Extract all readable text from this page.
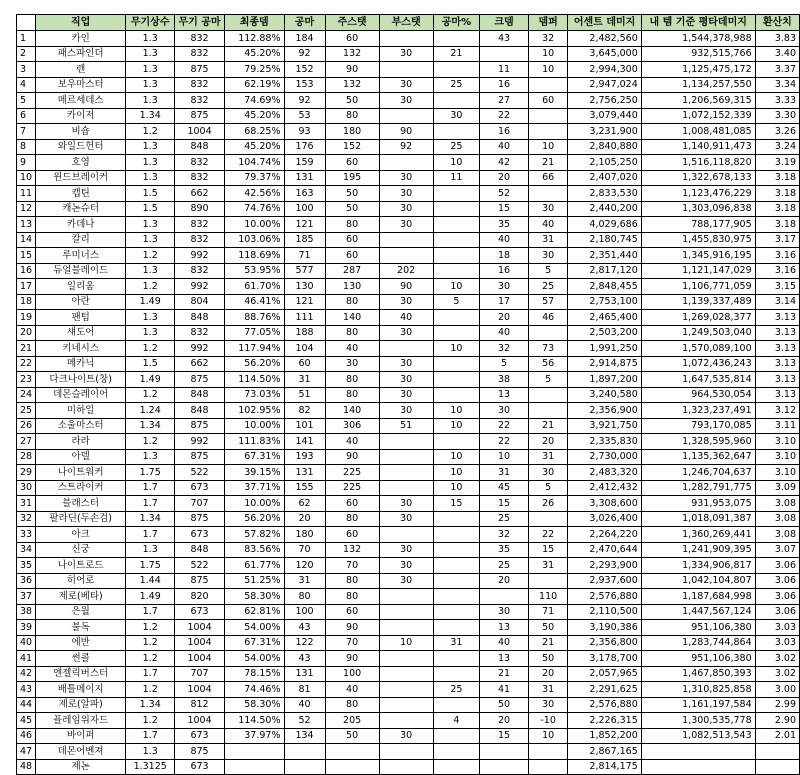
	직업	무기상수	무기 공마	최종뎀	공마	주스탯	부스탯	공마%	크뎀	뎀퍼	어센트 데미지	내 템 기준 평타데미지	환산치
1	카인	1.3	832	112.88%	184	60			43	32	2,482,560	1,544,378,988	3.83
2	패스파인더	1.3	832	45.20%	92	132	30	21		10	3,645,000	932,515,766	3.40
3	렌	1.3	875	79.25%	152	90			11	10	2,994,300	1,125,475,172	3.37
4	보우마스터	1.3	832	62.19%	153	132	30	25	16		2,947,024	1,134,257,550	3.34
5	메르세데스	1.3	832	74.69%	92	50	30		27	60	2,756,250	1,206,569,315	3.33
6	카이저	1.34	875	45.20%	53	80		30	22		3,079,440	1,072,152,339	3.30
7	비숍	1.2	1004	68.25%	93	180	90		16		3,231,900	1,008,481,085	3.26
8	와일드헌터	1.3	848	45.20%	176	152	92	25	40	10	2,840,880	1,140,911,473	3.24
9	호영	1.3	832	104.74%	159	60		10	42	21	2,105,250	1,516,118,820	3.19
10	윈드브레이커	1.3	832	79.37%	131	195	30	11	20	66	2,407,020	1,322,678,133	3.18
11	캡틴	1.5	662	42.56%	163	50	30		52		2,833,530	1,123,476,229	3.18
12	캐논슈터	1.5	890	74.76%	100	50	30		15	30	2,440,200	1,303,096,838	3.18
13	카데나	1.3	832	10.00%	121	80	30		35	40	4,029,686	788,177,905	3.18
14	칼리	1.3	832	103.06%	185	60			40	31	2,180,745	1,455,830,975	3.17
15	루미너스	1.2	992	118.69%	71	60			18	30	2,351,440	1,345,916,195	3.16
16	듀얼블레이드	1.3	832	53.95%	577	287	202		16	5	2,817,120	1,121,147,029	3.16
17	일리움	1.2	992	61.70%	130	130	90	10	30	25	2,848,455	1,106,771,059	3.15
18	아란	1.49	804	46.41%	121	80	30	5	17	57	2,753,100	1,139,337,489	3.14
19	팬텀	1.3	848	88.76%	111	140	40		20	46	2,465,400	1,269,028,377	3.13
20	섀도어	1.3	832	77.05%	188	80	30		40		2,503,200	1,249,503,040	3.13
21	키네시스	1.2	992	117.94%	104	40		10	32	73	1,991,250	1,570,089,100	3.13
22	메카닉	1.5	662	56.20%	60	30	30		5	56	2,914,875	1,072,436,243	3.13
23	다크나이트(창)	1.49	875	114.50%	31	80	30		38	5	1,897,200	1,647,535,814	3.13
24	데몬슬레이어	1.2	848	73.03%	51	80	30		13		3,240,580	964,530,054	3.13
25	미하일	1.24	848	102.95%	82	140	30	10	30		2,356,900	1,323,237,491	3.12
26	소울마스터	1.34	875	10.00%	101	306	51	10	22	21	3,921,750	793,170,085	3.11
27	라라	1.2	992	111.83%	141	40			22	20	2,335,830	1,328,595,960	3.10
28	아델	1.3	875	67.31%	193	90		10	10	31	2,730,000	1,135,362,647	3.10
29	나이트워커	1.75	522	39.15%	131	225		10	31	30	2,483,320	1,246,704,637	3.10
30	스트라이커	1.7	673	37.71%	155	225		10	45	5	2,412,432	1,282,791,775	3.09
31	블래스터	1.7	707	10.00%	62	60	30	15	15	26	3,308,600	931,953,075	3.08
32	팔라딘(두손검)	1.34	875	56.20%	20	80	30		25		3,026,400	1,018,091,387	3.08
33	아크	1.7	673	57.82%	180	60			32	22	2,264,220	1,360,269,441	3.08
34	신궁	1.3	848	83.56%	70	132	30		35	15	2,470,644	1,241,909,395	3.07
35	나이트로드	1.75	522	61.77%	120	70	30		25	31	2,293,900	1,334,906,817	3.06
36	히어로	1.44	875	51.25%	31	80	30		20		2,937,600	1,042,104,807	3.06
37	제로(베타)	1.49	820	58.30%	80	80				110	2,576,880	1,187,684,998	3.06
38	은월	1.7	673	62.81%	100	60			30	71	2,110,500	1,447,567,124	3.06
39	불독	1.2	1004	54.00%	43	90			13	50	3,190,386	951,106,380	3.03
40	에반	1.2	1004	67.31%	122	70	10	31	40	21	2,356,800	1,283,744,864	3.03
41	썬콜	1.2	1004	54.00%	43	90			13	50	3,178,700	951,106,380	3.02
42	엔젤릭버스터	1.7	707	78.15%	131	100			21	20	2,057,965	1,467,850,393	3.02
43	배틀메이지	1.2	1004	74.46%	81	40		25	41	31	2,291,625	1,310,825,858	3.00
44	제로(알파)	1.34	812	58.30%	40	80			50	30	2,576,880	1,161,197,584	2.99
45	플레임위자드	1.2	1004	114.50%	52	205		4	20	-10	2,226,315	1,300,535,778	2.90
46	바이퍼	1.7	673	37.97%	134	50	30		15	10	1,852,200	1,082,513,543	2.01
47	데몬어벤져	1.3	875								2,867,165		
48	제논	1.3125	673								2,814,175		
